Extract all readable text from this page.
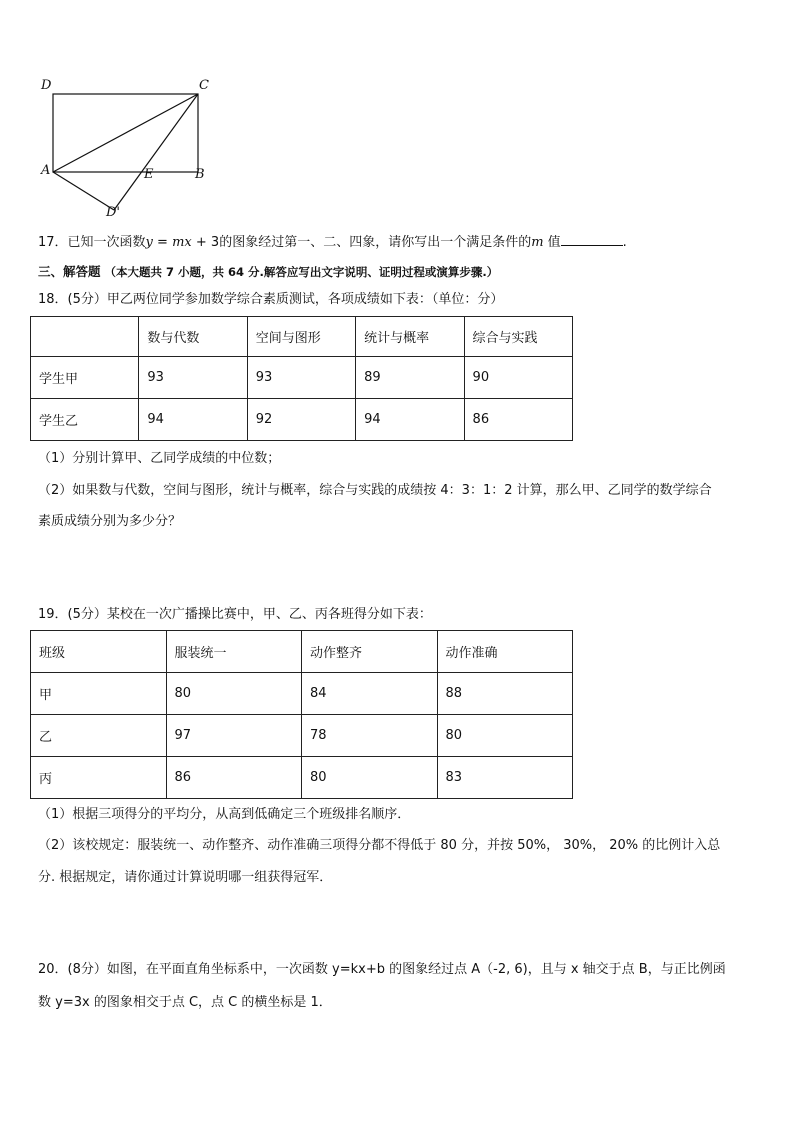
D	C
A	E	B
D'
17．已知一次函数y = mx + 3的图象经过第一、二、四象，请你写出一个满足条件的m 值	.
三、解答题 （本大题共 7 小题，共 64 分.解答应写出文字说明、证明过程或演算步骤.）
18．(5分）甲乙两位同学参加数学综合素质测试，各项成绩如下表：（单位：分）
	数与代数	空间与图形	统计与概率	综合与实践
学生甲	93	93	89	90
学生乙	94	92	94	86
（1）分别计算甲、乙同学成绩的中位数；
（2）如果数与代数，空间与图形，统计与概率，综合与实践的成绩按 4：3：1：2 计算，那么甲、乙同学的数学综合
素质成绩分别为多少分？
19．(5分）某校在一次广播操比赛中，甲、乙、丙各班得分如下表：
班级	服装统一	动作整齐	动作准确
甲	80	84	88
乙	97	78	80
丙	86	80	83
（1）根据三项得分的平均分，从高到低确定三个班级排名顺序．
（2）该校规定：服装统一、动作整齐、动作准确三项得分都不得低于 80 分，并按 50%， 30%， 20% 的比例计入总
分. 根据规定，请你通过计算说明哪一组获得冠军．
20．(8分）如图，在平面直角坐标系中，一次函数 y=kx+b 的图象经过点 A（-2, 6)，且与 x 轴交于点 B，与正比例函
数 y=3x 的图象相交于点 C，点 C 的横坐标是 1．
